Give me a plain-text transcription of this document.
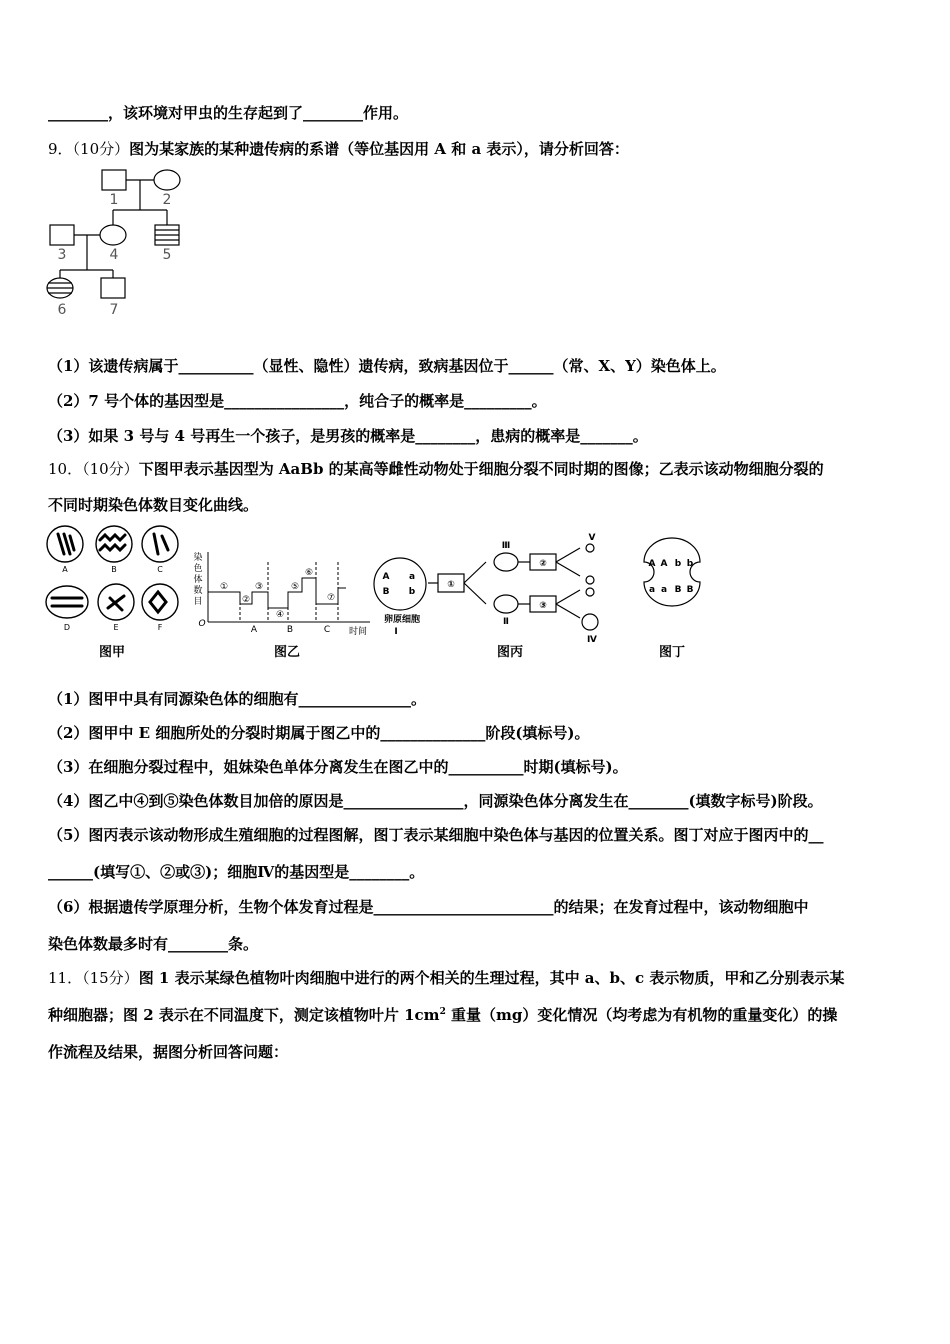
________，该环境对甲虫的生存起到了________作用。
9．（10分）图为某家族的某种遗传病的系谱（等位基因用 A 和 a 表示），请分析回答：
1	2
3	4	5
6	7
（1）该遗传病属于__________（显性、隐性）遗传病，致病基因位于______（常、X、Y）染色体上。
（2）7 号个体的基因型是________________，纯合子的概率是_________。
（3）如果 3 号与 4 号再生一个孩子，是男孩的概率是________，患病的概率是_______。
10．（10分）下图甲表示基因型为 AaBb 的某高等雌性动物处于细胞分裂不同时期的图像；乙表示该动物细胞分裂的
不同时期染色体数目变化曲线。
A	B	C
D	E	F
图甲
染
色
体
数
目
O
①
②
③
④
⑤
⑥
⑦
A	B	C 时间
图乙
A a
B b
①
②
③
卵原细胞
Ⅰ
Ⅲ
Ⅱ
Ⅴ
Ⅳ
图丙
A A b b
a a B B
图丁
（1）图甲中具有同源染色体的细胞有_______________。
（2）图甲中 E 细胞所处的分裂时期属于图乙中的______________阶段(填标号)。
（3）在细胞分裂过程中，姐妹染色单体分离发生在图乙中的__________时期(填标号)。
（4）图乙中④到⑤染色体数目加倍的原因是________________，同源染色体分离发生在________(填数字标号)阶段。
（5）图丙表示该动物形成生殖细胞的过程图解，图丁表示某细胞中染色体与基因的位置关系。图丁对应于图丙中的__
______(填写①、②或③)；细胞Ⅳ的基因型是________。
（6）根据遗传学原理分析，生物个体发育过程是________________________的结果；在发育过程中，该动物细胞中
染色体数最多时有________条。
11．（15分）图 1 表示某绿色植物叶肉细胞中进行的两个相关的生理过程，其中 a、b、c 表示物质，甲和乙分别表示某
种细胞器；图 2 表示在不同温度下，测定该植物叶片 $1cm^2$ 重量（mg）变化情况（均考虑为有机物的重量变化）的操
作流程及结果，据图分析回答问题：
